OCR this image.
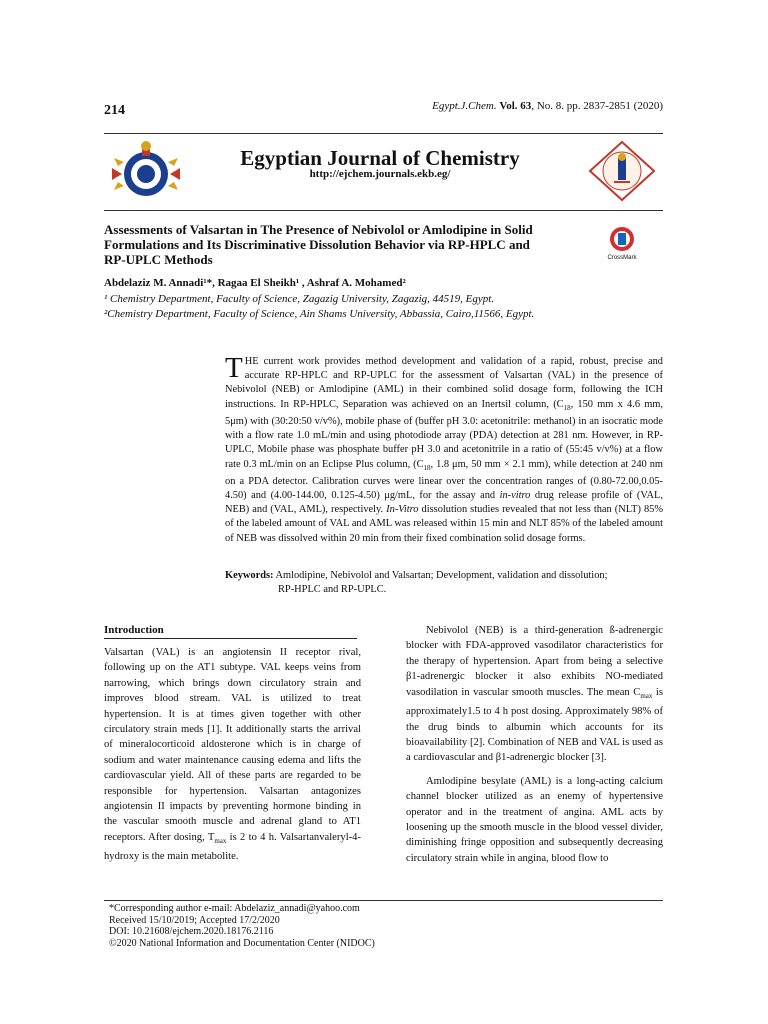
214	Egypt.J.Chem. Vol. 63, No. 8. pp. 2837-2851 (2020)
Egyptian Journal of Chemistry
http://ejchem.journals.ekb.eg/
Assessments of Valsartan in The Presence of Nebivolol or Amlodipine in Solid Formulations and Its Discriminative Dissolution Behavior via RP-HPLC and RP-UPLC Methods	CrossMark
Abdelaziz M. Annadi¹*, Ragaa El Sheikh¹ , Ashraf A. Mohamed²
¹ Chemistry Department, Faculty of Science, Zagazig University, Zagazig, 44519, Egypt.
²Chemistry Department, Faculty of Science, Ain Shams University, Abbassia, Cairo,11566, Egypt.
THE current work provides method development and validation of a rapid, robust, precise and accurate RP-HPLC and RP-UPLC for the assessment of Valsartan (VAL) in the presence of Nebivolol (NEB) or Amlodipine (AML) in their combined solid dosage form, following the ICH instructions. In RP-HPLC, Separation was achieved on an Inertsil column, ($C_{18}$, 150 mm x 4.6 mm, 5μm) with (30:20:50 v/v%), mobile phase of (buffer pH 3.0: acetonitrile: methanol) in an isocratic mode with a flow rate 1.0 mL/min and using photodiode array (PDA) detection at 281 nm. However, in RP-UPLC, Mobile phase was phosphate buffer pH 3.0 and acetonitrile in a ratio of (55:45 v/v%) at a flow rate 0.3 mL/min on an Eclipse Plus column, ($C_{18}$, 1.8 μm, 50 mm × 2.1 mm), while detection at 240 nm on a PDA detector. Calibration curves were linear over the concentration ranges of (0.80-72.00,0.05-4.50) and (4.00-144.00, 0.125-4.50) μg/mL, for the assay and in-vitro drug release profile of (VAL, NEB) and (VAL, AML), respectively. In-Vitro dissolution studies revealed that not less than (NLT) 85% of the labeled amount of VAL and AML was released within 15 min and NLT 85% of the labeled amount of NEB was dissolved within 20 min from their fixed combination solid dosage forms.
Keywords: Amlodipine, Nebivolol and Valsartan; Development, validation and dissolution;
RP-HPLC and RP-UPLC.
Introduction
Valsartan (VAL) is an angiotensin II receptor rival, following up on the AT1 subtype. VAL keeps veins from narrowing, which brings down circulatory strain and improves blood stream. VAL is utilized to treat hypertension. It is at times given together with other circulatory strain meds [1]. It additionally starts the arrival of mineralocorticoid aldosterone which is in charge of sodium and water maintenance causing edema and lifts the cardiovascular yield. All of these parts are regarded to be responsible for hypertension. Valsartan antagonizes angiotensin II impacts by preventing hormone binding in the vascular smooth muscle and adrenal gland to AT1 receptors. After dosing, $T_{max}$ is 2 to 4 h. Valsartanvaleryl-4-hydroxy is the main metabolite.

Nebivolol (NEB) is a third-generation ß-adrenergic blocker with FDA-approved vasodilator characteristics for the therapy of hypertension. Apart from being a selective β1-adrenergic blocker it also exhibits NO-mediated vasodilation in vascular smooth muscles. The mean $C_{max}$ is approximately1.5 to 4 h post dosing. Approximately 98% of the drug binds to albumin which accounts for its bioavailability [2]. Combination of NEB and VAL is used as a cardiovascular and β1-adrenergic blocker [3].

Amlodipine besylate (AML) is a long-acting calcium channel blocker utilized as an enemy of hypertensive operator and in the treatment of angina. AML acts by loosening up the smooth muscle in the blood vessel divider, diminishing fringe opposition and subsequently decreasing circulatory strain while in angina, blood flow to

*Corresponding author e-mail: Abdelaziz_annadi@yahoo.com
Received 15/10/2019; Accepted 17/2/2020
DOI: 10.21608/ejchem.2020.18176.2116
©2020 National Information and Documentation Center (NIDOC)
